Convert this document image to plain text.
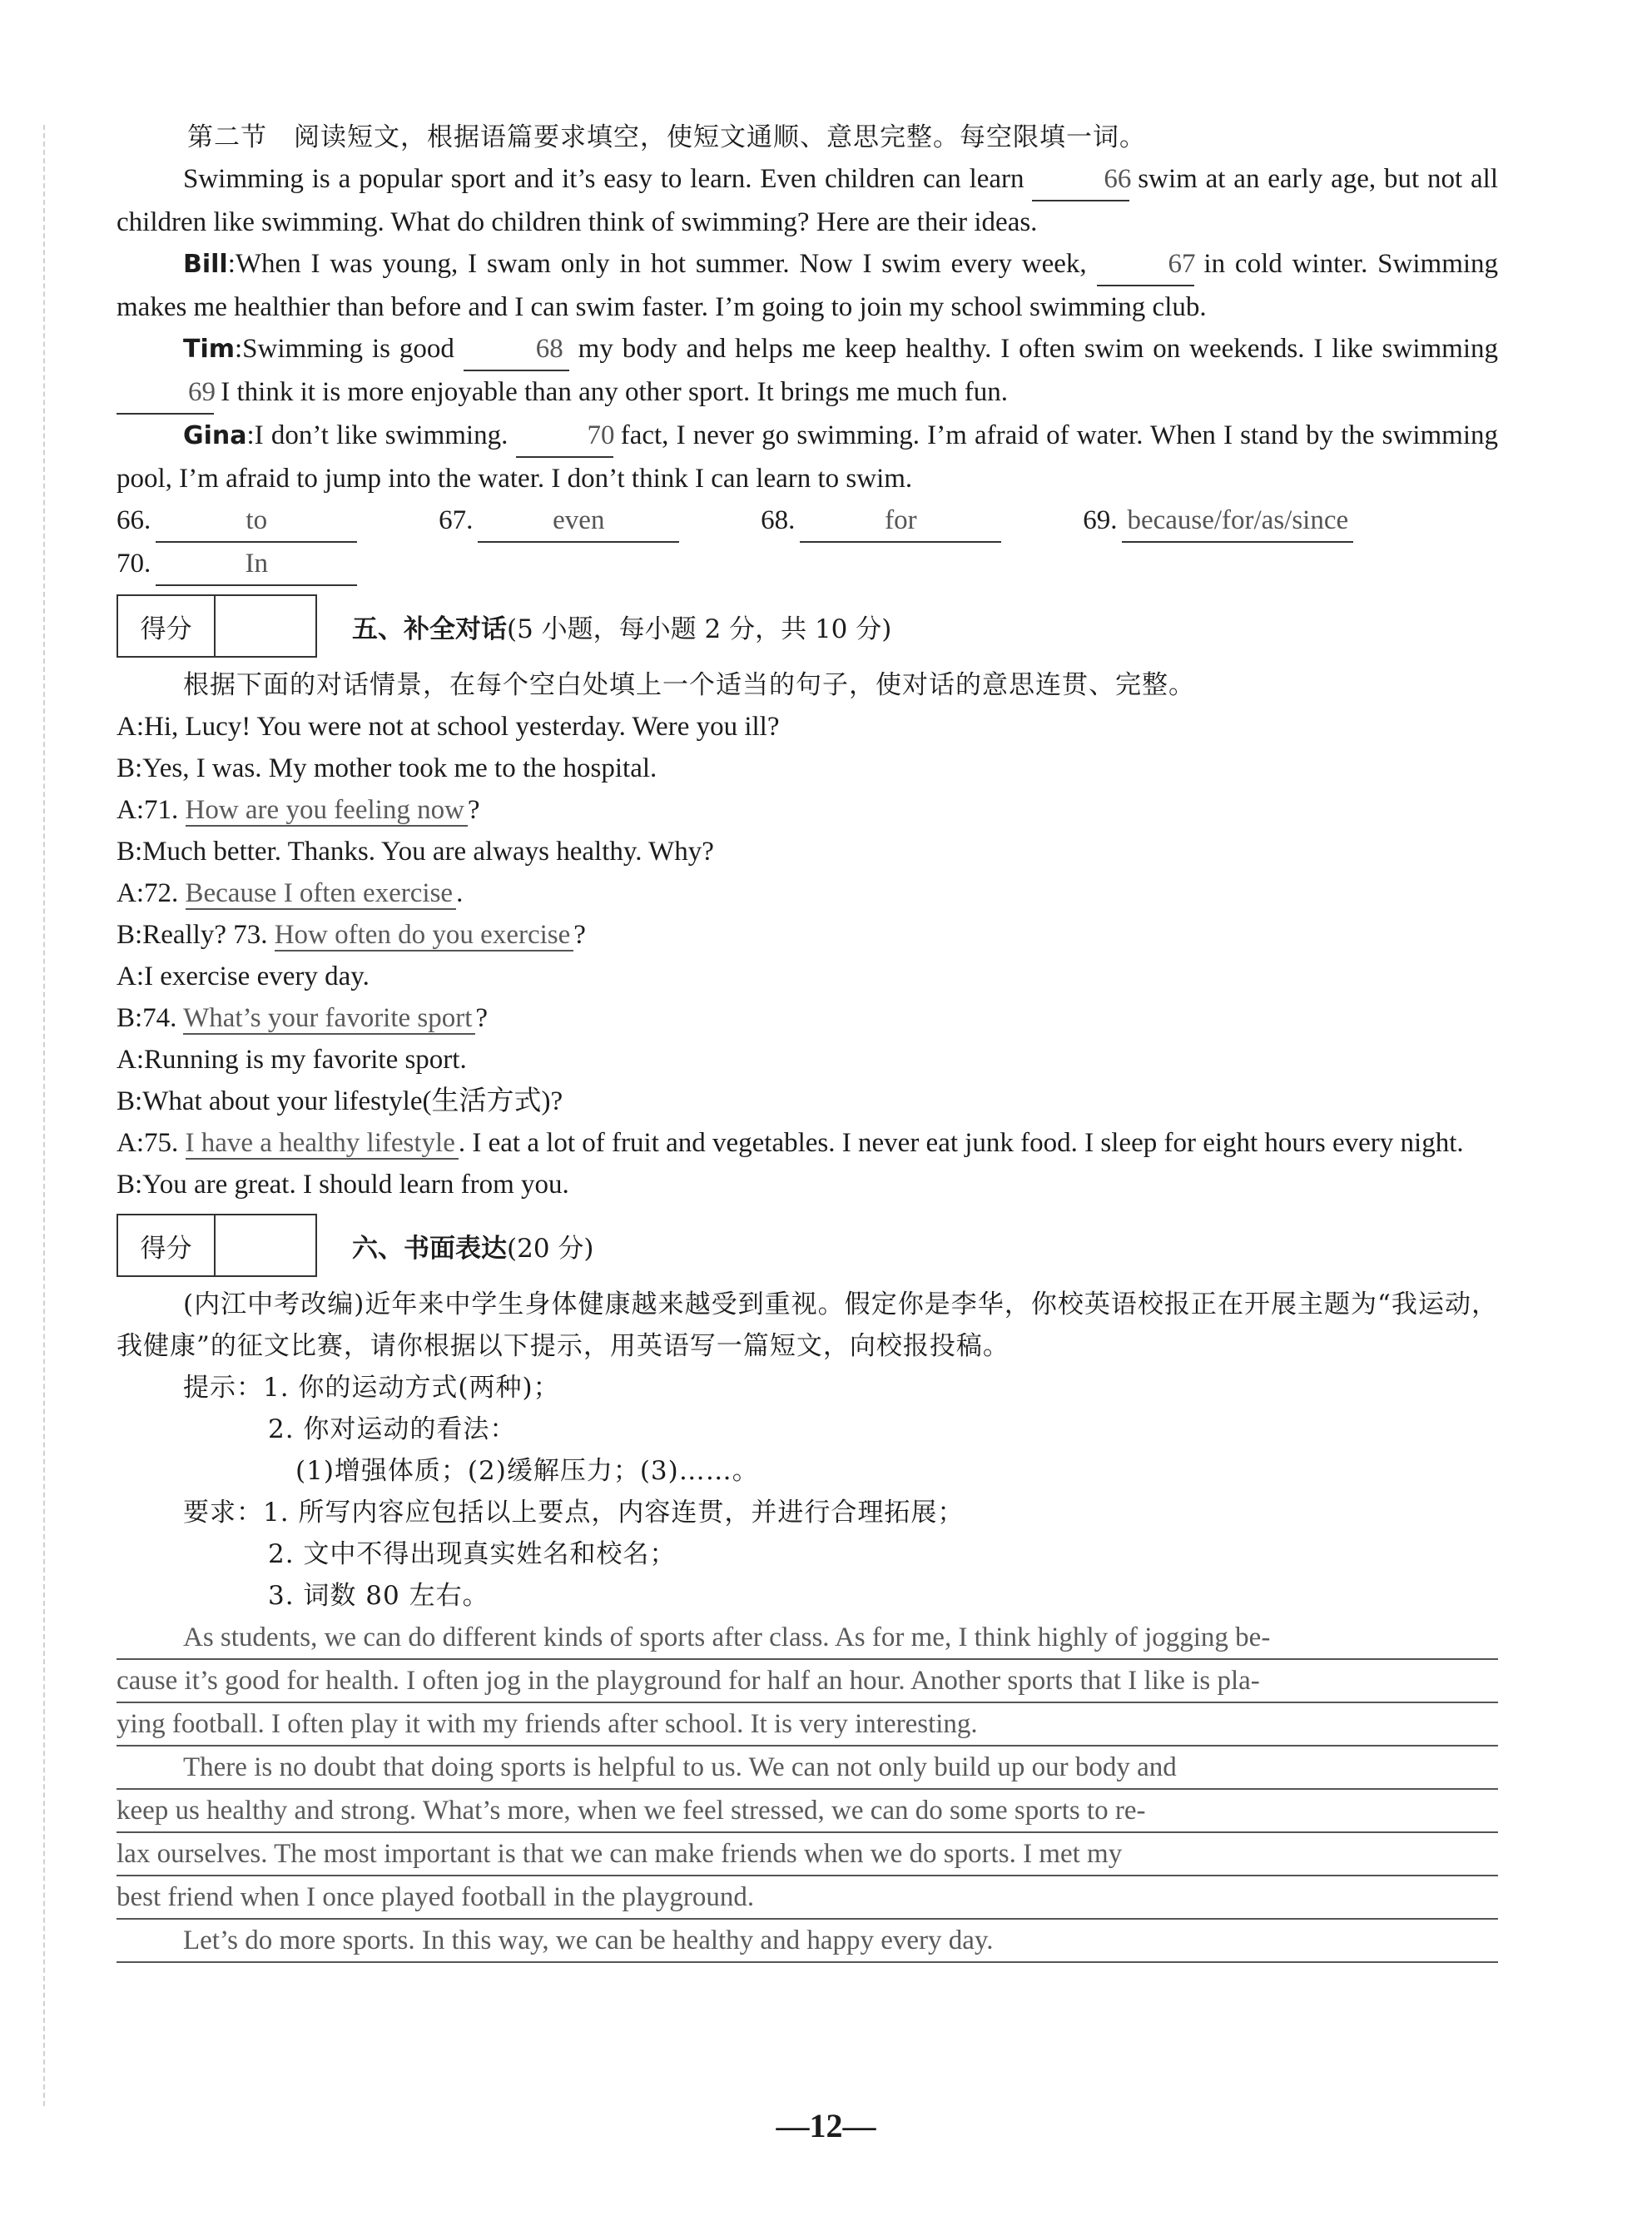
第二节　阅读短文，根据语篇要求填空，使短文通顺、意思完整。每空限填一词。

Swimming is a popular sport and it’s easy to learn. Even children can learn	66 swim at an early age, but not all children like swimming. What do children think of swimming? Here are their ideas.

Bill:When I was young, I swam only in hot summer. Now I swim every week,	67 in cold winter. Swimming makes me healthier than before and I can swim faster. I’m going to join my school swimming club.

Tim:Swimming is good	68 my body and helps me keep healthy. I often swim on weekends. I like swimming 69 I think it is more enjoyable than any other sport. It brings me much fun.

Gina:I don’t like swimming.	70 fact, I never go swimming. I’m afraid of water. When I stand by the swimming pool, I’m afraid to jump into the water. I don’t think I can learn to swim.

66.	to	67.	even	68.	for	69. because/for/as/since
70.	In
得分	五、补全对话(5 小题，每小题 2 分，共 10 分)

根据下面的对话情景，在每个空白处填上一个适当的句子，使对话的意思连贯、完整。

A:Hi, Lucy! You were not at school yesterday. Were you ill?

B:Yes, I was. My mother took me to the hospital.

A:71. How are you feeling now ?

B:Much better. Thanks. You are always healthy. Why?

A:72. Because I often exercise .

B:Really? 73. How often do you exercise ?

A:I exercise every day.

B:74. What’s your favorite sport ?

A:Running is my favorite sport.

B:What about your lifestyle(生活方式)?

A:75. I have a healthy lifestyle . I eat a lot of fruit and vegetables. I never eat junk food. I sleep for eight hours every night.

B:You are great. I should learn from you.

得分	六、书面表达(20 分)

(内江中考改编)近年来中学生身体健康越来越受到重视。假定你是李华，你校英语校报正在开展主题为“我运动，我健康”的征文比赛，请你根据以下提示，用英语写一篇短文，向校报投稿。

提示：1. 你的运动方式(两种)；

2. 你对运动的看法：

(1)增强体质；(2)缓解压力；(3)……。

要求：1. 所写内容应包括以上要点，内容连贯，并进行合理拓展；

2. 文中不得出现真实姓名和校名；

3. 词数 80 左右。

As students, we can do different kinds of sports after class. As for me, I think highly of jogging be-
cause it’s good for health. I often jog in the playground for half an hour. Another sports that I like is pla-
ying football. I often play it with my friends after school. It is very interesting.
There is no doubt that doing sports is helpful to us. We can not only build up our body and
keep us healthy and strong. What’s more, when we feel stressed, we can do some sports to re-
lax ourselves. The most important is that we can make friends when we do sports. I met my
best friend when I once played football in the playground.
Let’s do more sports. In this way, we can be healthy and happy every day.
—12—
